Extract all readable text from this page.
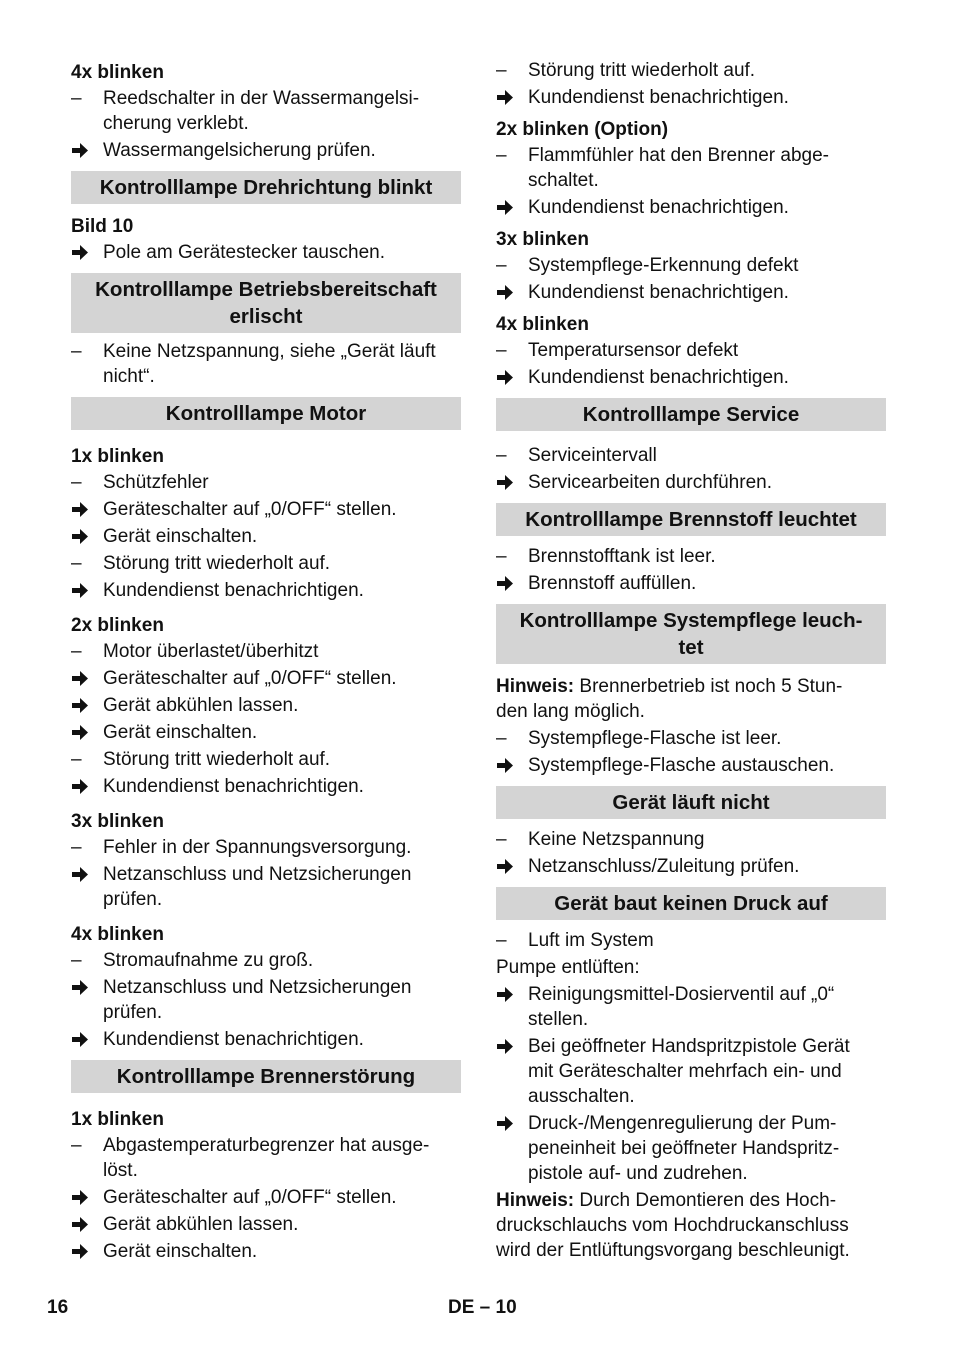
4x blinken
–	Reedschalter in der Wassermangelsi-
cherung verklebt.
Wassermangelsicherung prüfen.
Kontrolllampe Drehrichtung blinkt
Bild 10
Pole am Gerätestecker tauschen.
Kontrolllampe Betriebsbereitschaft erlischt
–	Keine Netzspannung, siehe „Gerät läuft nicht“.
Kontrolllampe Motor
1x blinken
–	Schützfehler
Geräteschalter auf „0/OFF“ stellen.
Gerät einschalten.
–	Störung tritt wiederholt auf.
Kundendienst benachrichtigen.
2x blinken
–	Motor überlastet/überhitzt
Geräteschalter auf „0/OFF“ stellen.
Gerät abkühlen lassen.
Gerät einschalten.
–	Störung tritt wiederholt auf.
Kundendienst benachrichtigen.
3x blinken
–	Fehler in der Spannungsversorgung.
Netzanschluss und Netzsicherungen prüfen.
4x blinken
–	Stromaufnahme zu groß.
Netzanschluss und Netzsicherungen prüfen.
Kundendienst benachrichtigen.
Kontrolllampe Brennerstörung
1x blinken
–	Abgastemperaturbegrenzer hat ausge-
löst.
Geräteschalter auf „0/OFF“ stellen.
Gerät abkühlen lassen.
Gerät einschalten.
–	Störung tritt wiederholt auf.
Kundendienst benachrichtigen.
2x blinken (Option)
–	Flammfühler hat den Brenner abge-
schaltet.
Kundendienst benachrichtigen.
3x blinken
–	Systempflege-Erkennung defekt
Kundendienst benachrichtigen.
4x blinken
–	Temperatursensor defekt
Kundendienst benachrichtigen.
Kontrolllampe Service
–	Serviceintervall
Servicearbeiten durchführen.
Kontrolllampe Brennstoff leuchtet
–	Brennstofftank ist leer.
Brennstoff auffüllen.
Kontrolllampe Systempflege leuch-
tet
Hinweis: Brennerbetrieb ist noch 5 Stun-
den lang möglich.
–	Systempflege-Flasche ist leer.
Systempflege-Flasche austauschen.
Gerät läuft nicht
–	Keine Netzspannung
Netzanschluss/Zuleitung prüfen.
Gerät baut keinen Druck auf
–	Luft im System
Pumpe entlüften:
Reinigungsmittel-Dosierventil auf „0“
stellen.
Bei geöffneter Handspritzpistole Gerät
mit Geräteschalter mehrfach ein- und
ausschalten.
Druck-/Mengenregulierung der Pum-
peneinheit bei geöffneter Handspritz-
pistole auf- und zudrehen.
Hinweis: Durch Demontieren des Hoch-
druckschlauchs vom Hochdruckanschluss
wird der Entlüftungsvorgang beschleunigt.
16	DE – 10
